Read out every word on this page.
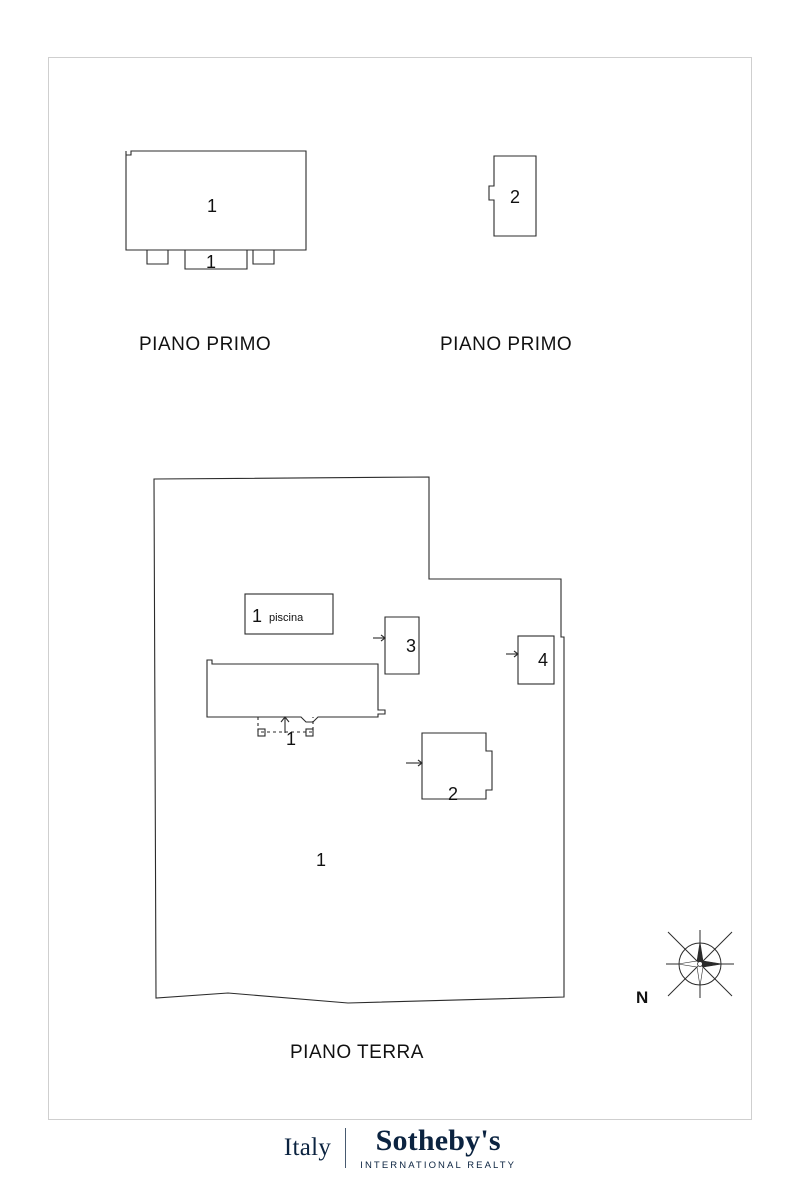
1
1
2
1 piscina
3
4
1
2
1
PIANO PRIMO	PIANO PRIMO
PIANO TERRA
N
Italy Sotheby's
INTERNATIONAL REALTY
